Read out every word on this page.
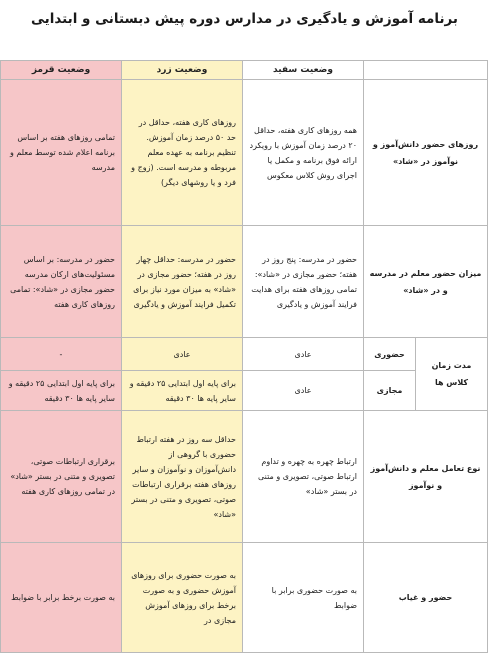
برنامه آموزش و یادگیری در مدارس دوره پیش دبستانی و ابتدایی
		وضعیت سفید	وضعیت زرد	وضعیت قرمز
روزهای حضور دانش‌آموز و نوآموز در «شاد»		همه روزهای کاری هفته، حداقل ۲۰ درصد زمان آموزش با رویکرد ارائه فوق برنامه و مکمل یا اجرای روش کلاس معکوس	روزهای کاری هفته، حداقل در حد ۵۰ درصد زمان آموزش. تنظیم برنامه به عهده معلم مربوطه و مدرسه است. (زوج و فرد و یا روشهای دیگر)	تمامی روزهای هفته بر اساس برنامه اعلام شده توسط معلم و مدرسه
میزان حضور معلم در مدرسه و در «شاد»		حضور در مدرسه: پنج روز در هفته؛ حضور مجازی در «شاد»: تمامی روزهای هفته برای هدایت فرایند آموزش و یادگیری	حضور در مدرسه: حداقل چهار روز در هفته؛ حضور مجازی در «شاد» به میزان مورد نیاز برای تکمیل فرایند آموزش و یادگیری	حضور در مدرسه: بر اساس مسئولیت‌های ارکان مدرسه حضور مجازی در «شاد»: تمامی روزهای کاری هفته
مدت زمان کلاس ها	حضوری	عادی	عادی	-
	مجازی	عادی	برای پایه اول ابتدایی ۲۵ دقیقه و سایر پایه ها ۳۰ دقیقه	برای پایه اول ابتدایی ۲۵ دقیقه و سایر پایه ها ۳۰ دقیقه
نوع تعامل معلم و دانش‌آموز و نوآموز		ارتباط چهره به چهره و تداوم ارتباط صوتی، تصویری و متنی در بستر «شاد»	حداقل سه روز در هفته ارتباط حضوری با گروهی از دانش‌آموزان و نوآموزان و سایر روزهای هفته برقراری ارتباطات صوتی، تصویری و متنی در بستر «شاد»	برقراری ارتباطات صوتی، تصویری و متنی در بستر «شاد» در تمامی روزهای کاری هفته
حضور و غیاب		به صورت حضوری برابر با ضوابط	به صورت حضوری برای روزهای آموزش حضوری و به صورت برخط برای روزهای آموزش مجازی در	به صورت برخط برابر با ضوابط
